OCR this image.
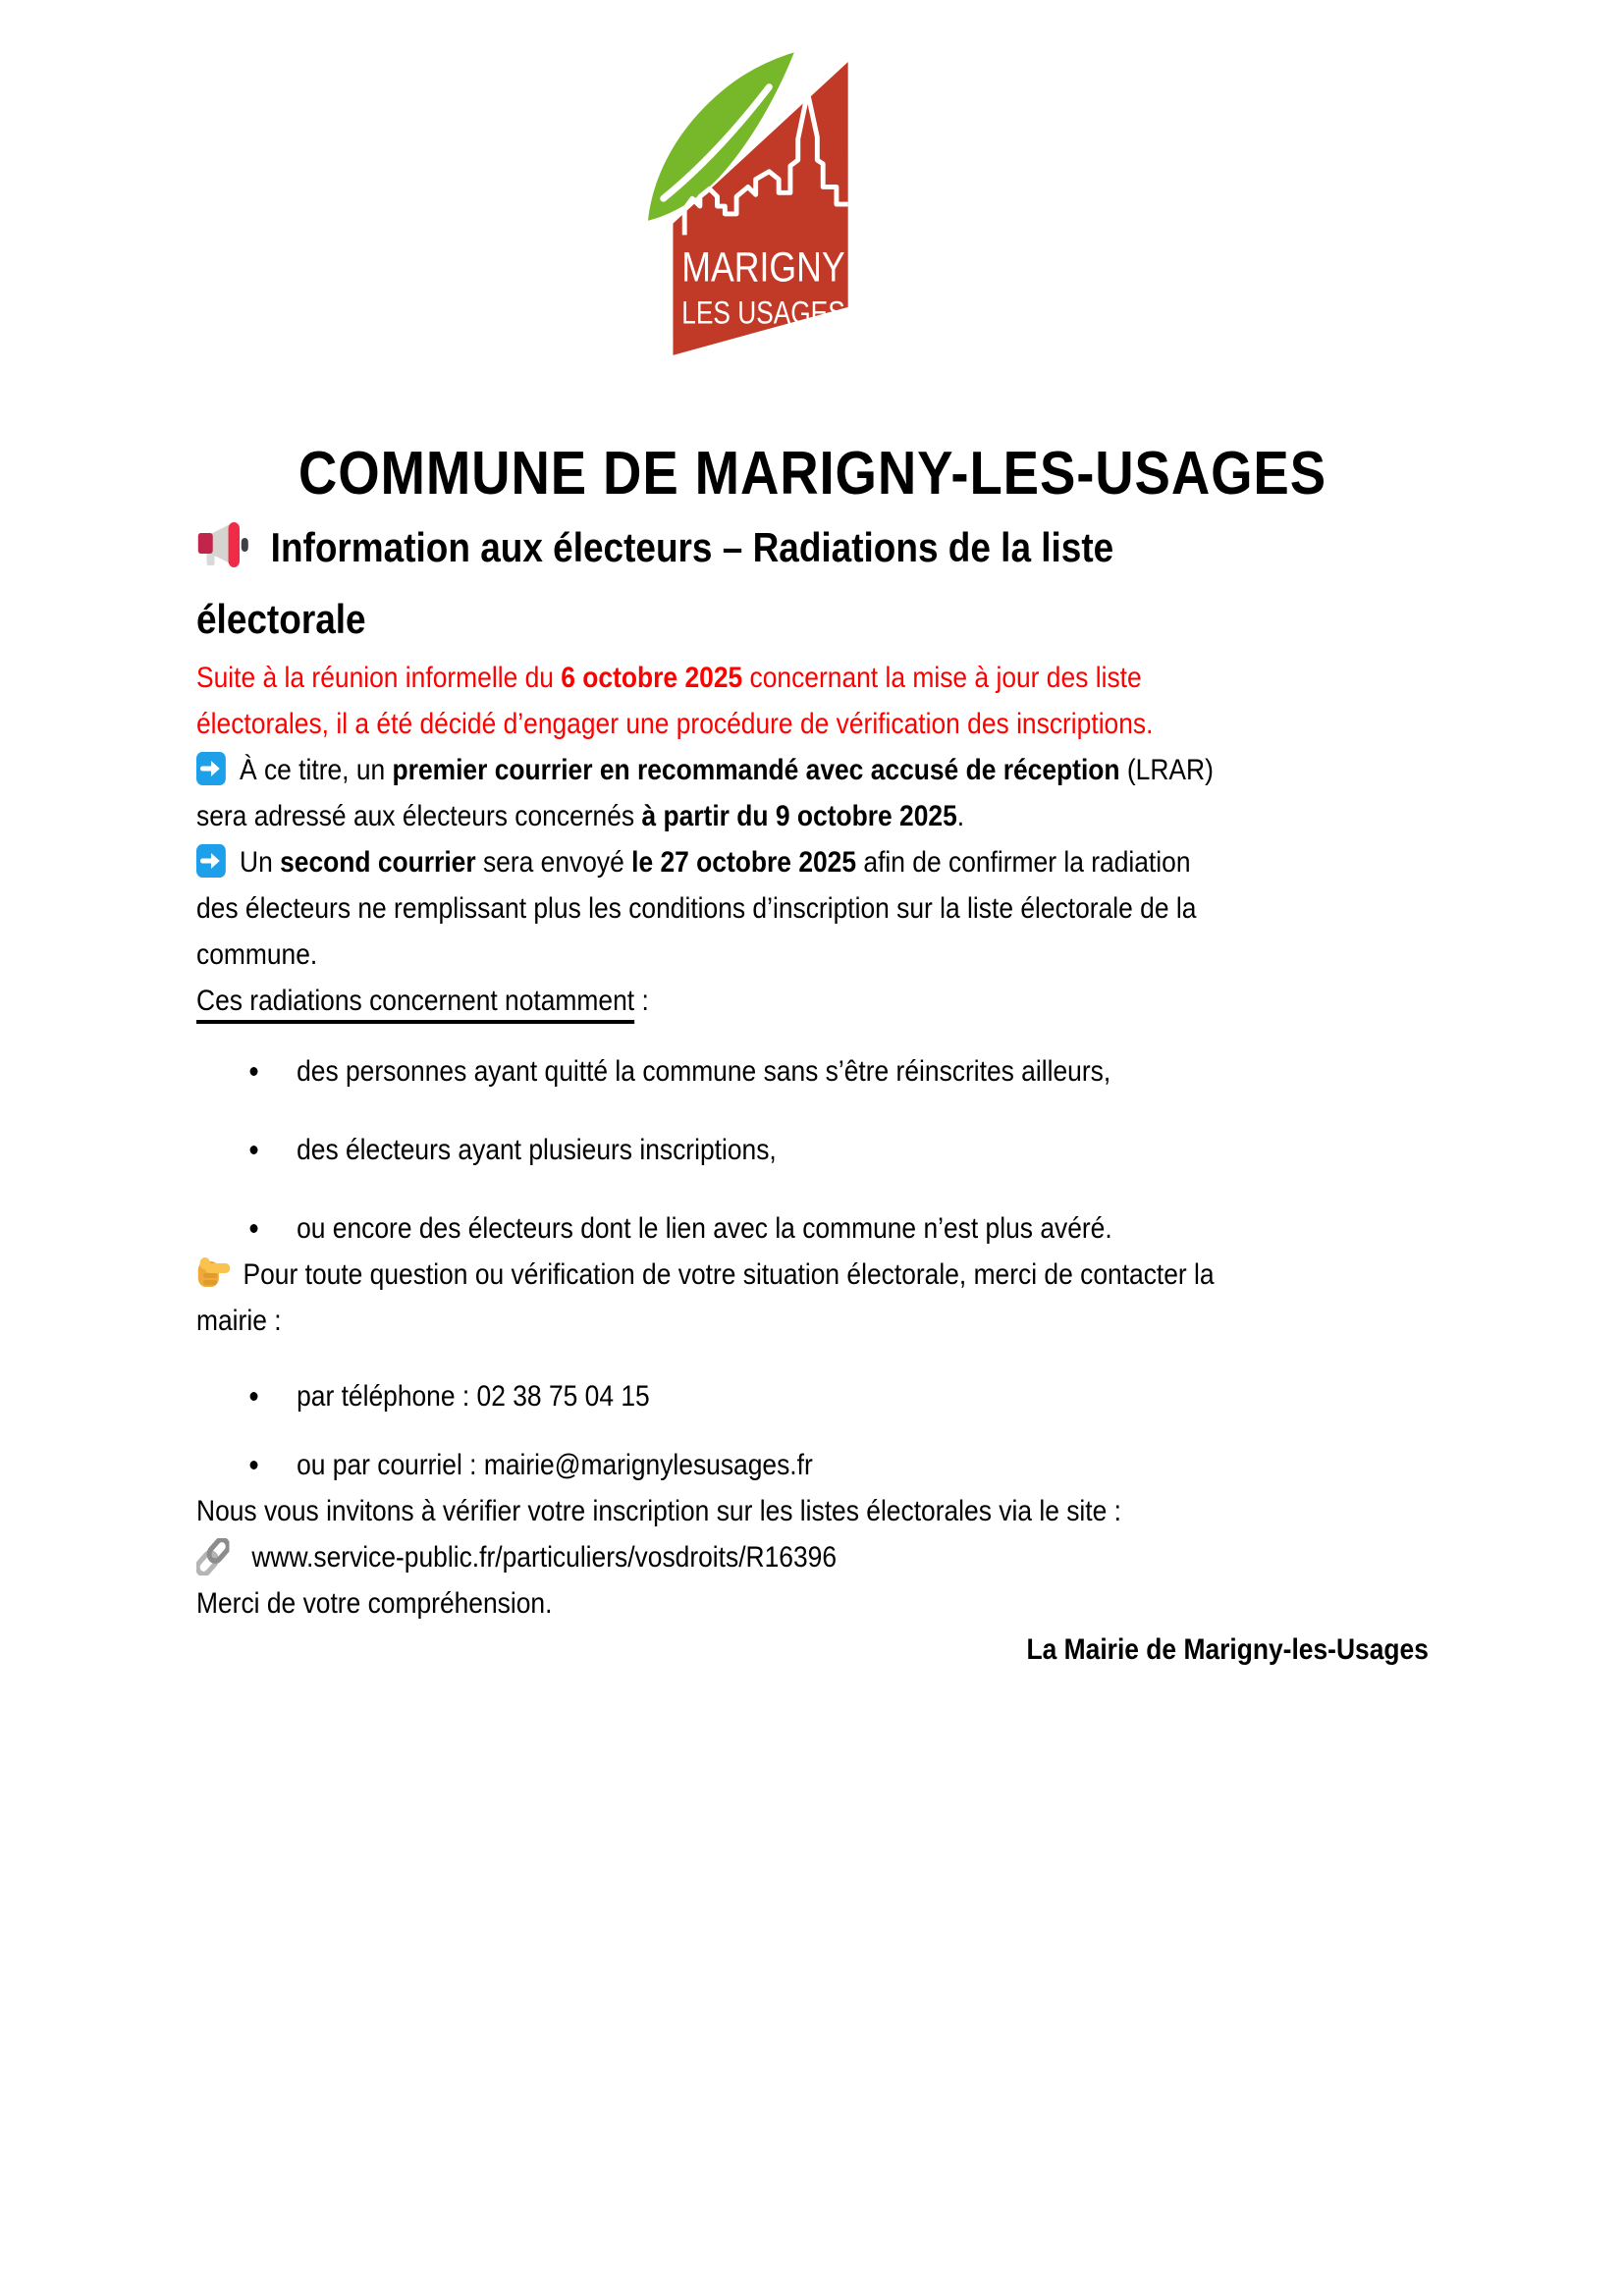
MARIGNY
LES USAGES
COMMUNE DE MARIGNY-LES-USAGES
Information aux électeurs – Radiations de la liste
électorale

Suite à la réunion informelle du 6 octobre 2025 concernant la mise à jour des liste
électorales, il a été décidé d’engager une procédure de vérification des inscriptions.

À ce titre, un premier courrier en recommandé avec accusé de réception (LRAR)
sera adressé aux électeurs concernés à partir du 9 octobre 2025.

Un second courrier sera envoyé le 27 octobre 2025 afin de confirmer la radiation
des électeurs ne remplissant plus les conditions d’inscription sur la liste électorale de la
commune.

Ces radiations concernent notamment :

des personnes ayant quitté la commune sans s’être réinscrites ailleurs,
des électeurs ayant plusieurs inscriptions,
ou encore des électeurs dont le lien avec la commune n’est plus avéré.

Pour toute question ou vérification de votre situation électorale, merci de contacter la
mairie :

par téléphone : 02 38 75 04 15
ou par courriel : mairie@marignylesusages.fr

Nous vous invitons à vérifier votre inscription sur les listes électorales via le site :

www.service-public.fr/particuliers/vosdroits/R16396

Merci de votre compréhension.

La Mairie de Marigny-les-Usages
